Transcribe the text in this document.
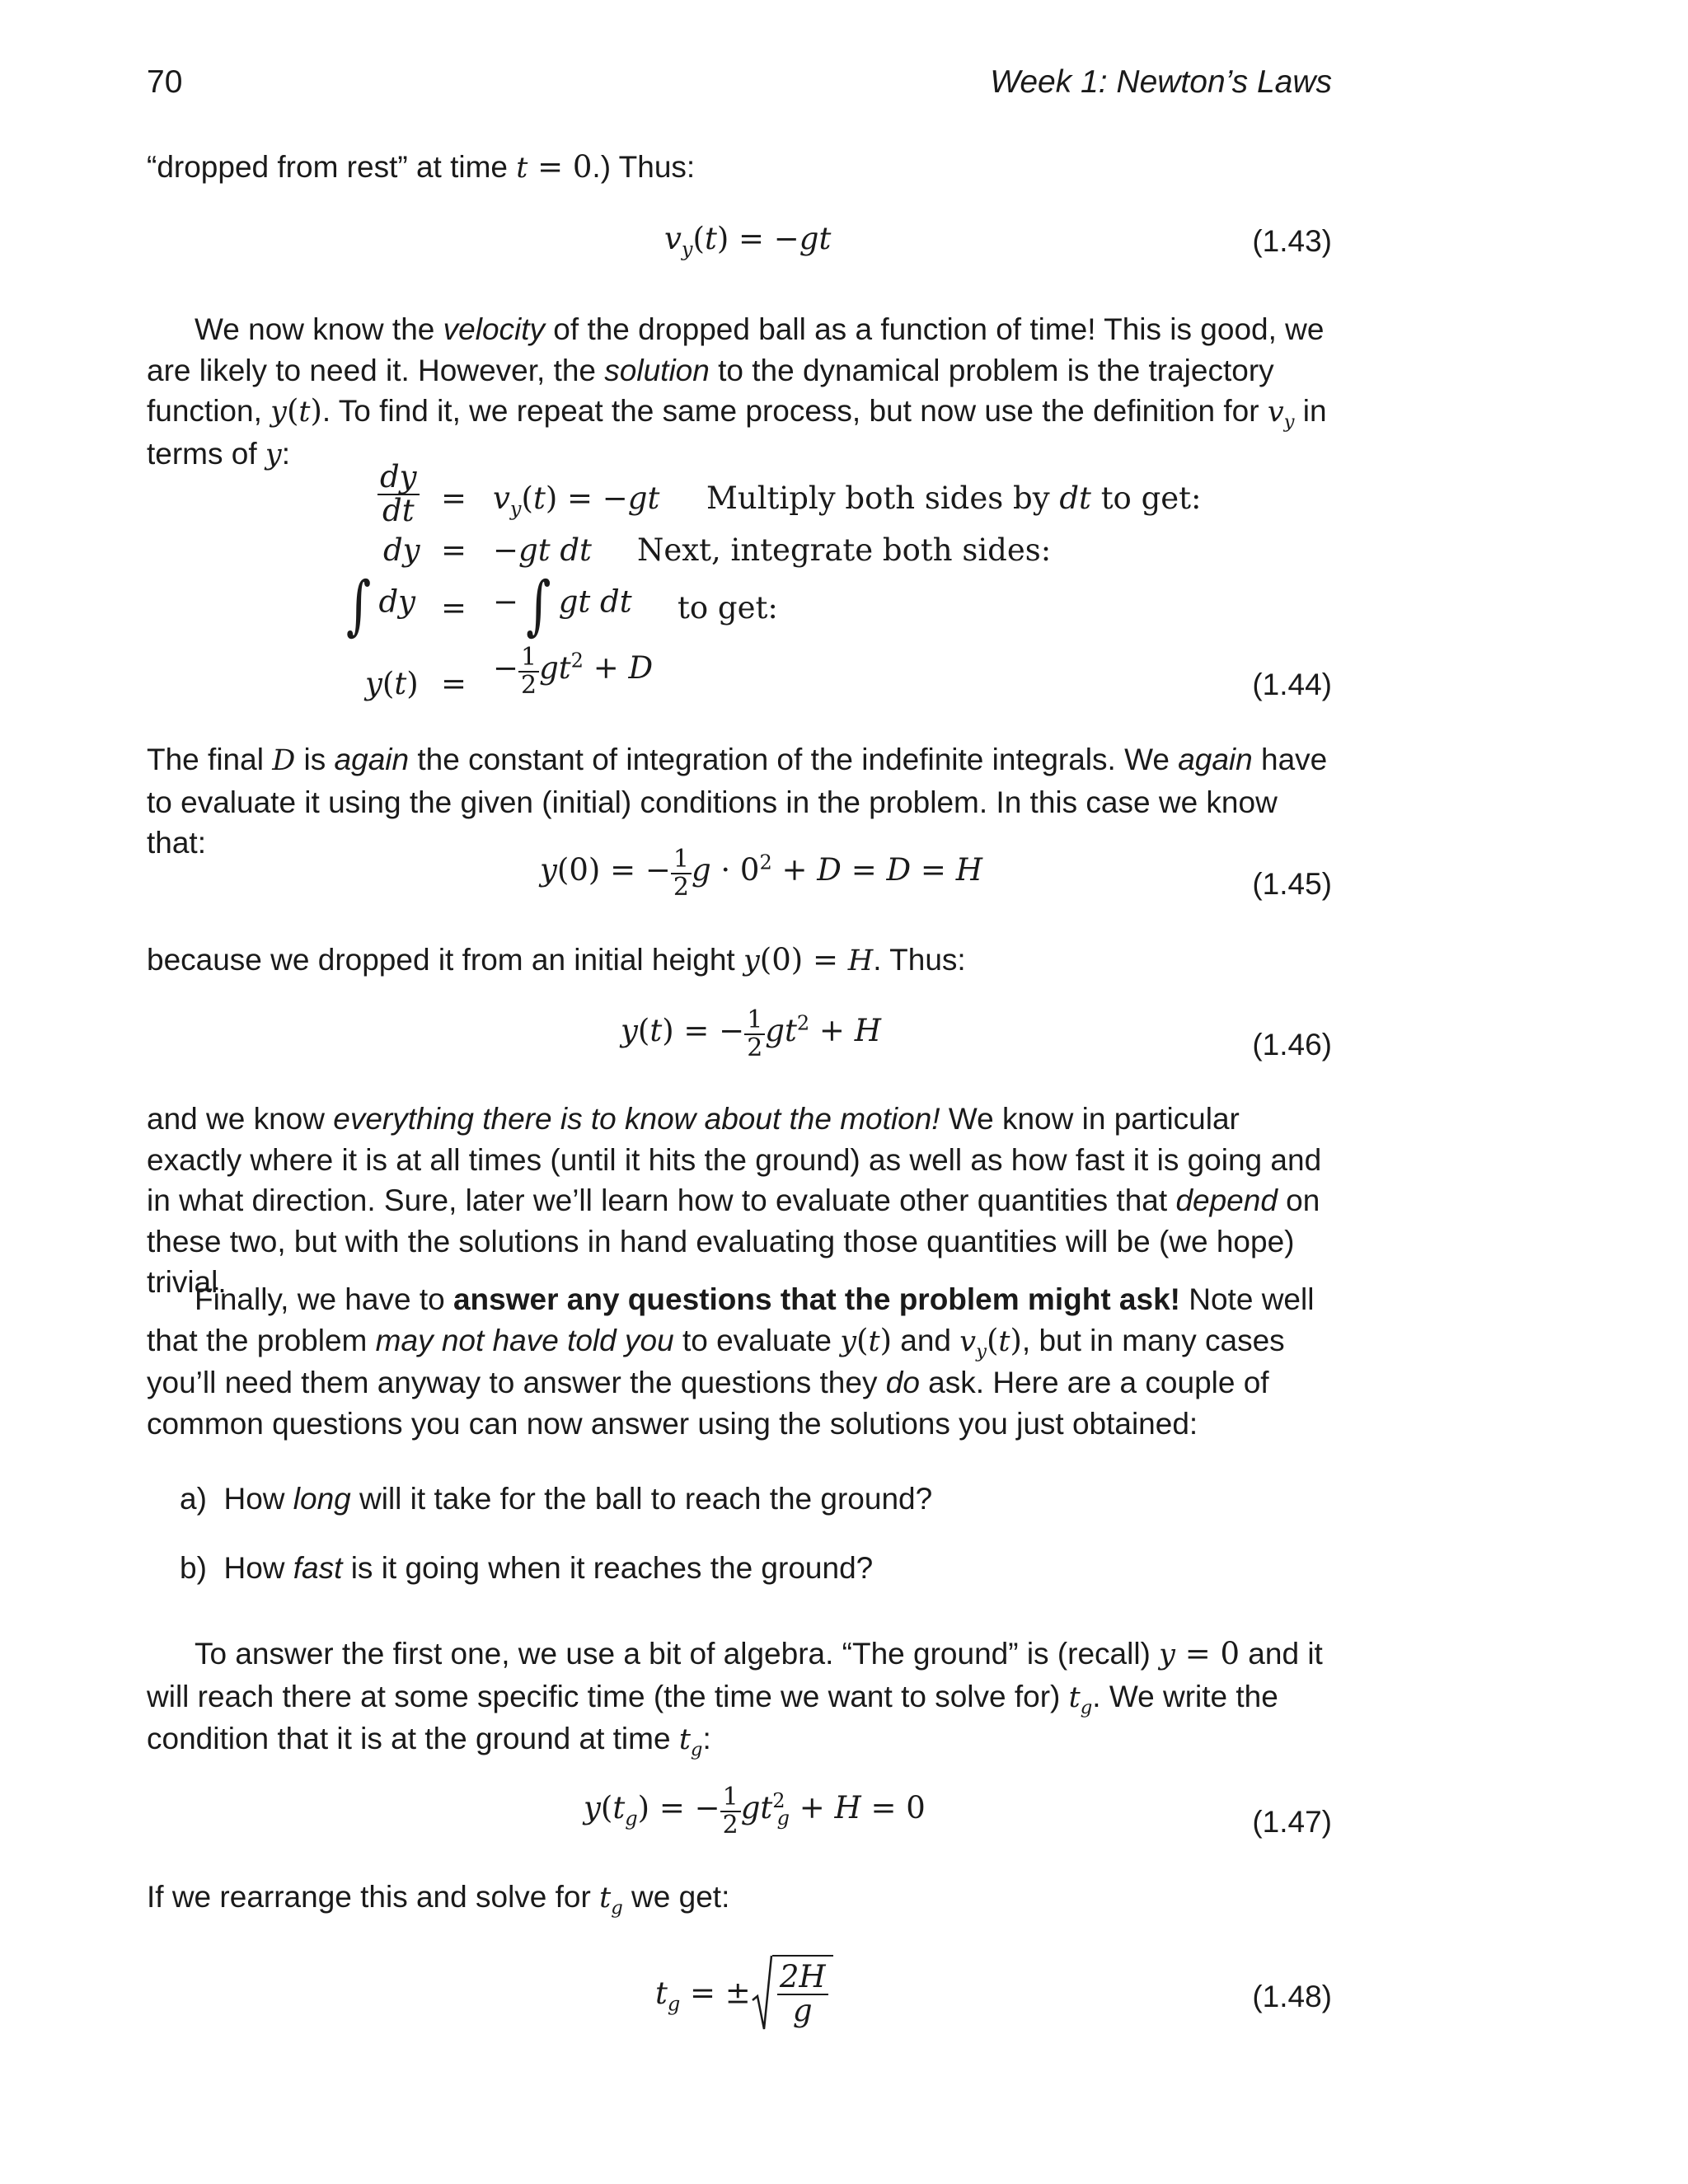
70	Week 1: Newton’s Laws
“dropped from rest” at time t = 0.) Thus:
$v_y(t) = -gt$	(1.43)
We now know the velocity of the dropped ball as a function of time! This is good, we are likely to need it. However, the solution to the dynamical problem is the trajectory function, y(t). To find it, we repeat the same process, but now use the definition for $v_y$ in terms of y:
$\frac{dy}{dt} = v_y(t) = -gt$ Multiply both sides by dt to get:
dy = −gt dt Next, integrate both sides:
∫ dy = − ∫ gt dt to get:
y(t) = − $\frac{1}{2} gt^2 + D$	(1.44)
The final D is again the constant of integration of the indefinite integrals. We again have to evaluate it using the given (initial) conditions in the problem. In this case we know that:
y(0) = − $\frac{1}{2}$ $g \cdot 0^2 + D = D = H$	(1.45)
because we dropped it from an initial height y(0) = H. Thus:
y(t) = − $\frac{1}{2} gt^2 + H$	(1.46)
and we know everything there is to know about the motion! We know in particular exactly where it is at all times (until it hits the ground) as well as how fast it is going and in what direction. Sure, later we’ll learn how to evaluate other quantities that depend on these two, but with the solutions in hand evaluating those quantities will be (we hope) trivial.
Finally, we have to answer any questions that the problem might ask! Note well that the problem may not have told you to evaluate y(t) and $v_y(t)$, but in many cases you’ll need them anyway to answer the questions they do ask. Here are a couple of common questions you can now answer using the solutions you just obtained:
a) How long will it take for the ball to reach the ground?
b) How fast is it going when it reaches the ground?
To answer the first one, we use a bit of algebra. “The ground” is (recall) y = 0 and it will reach there at some specific time (the time we want to solve for) $t_g$. We write the condition that it is at the ground at time $t_g$:
$y(t_g)$ = − $\frac{1}{2} gt^2_g + H = 0$	(1.47)
If we rearrange this and solve for $t_g$ we get:
$t_g$ = ± $\frac{2H}{g}$	(1.48)
